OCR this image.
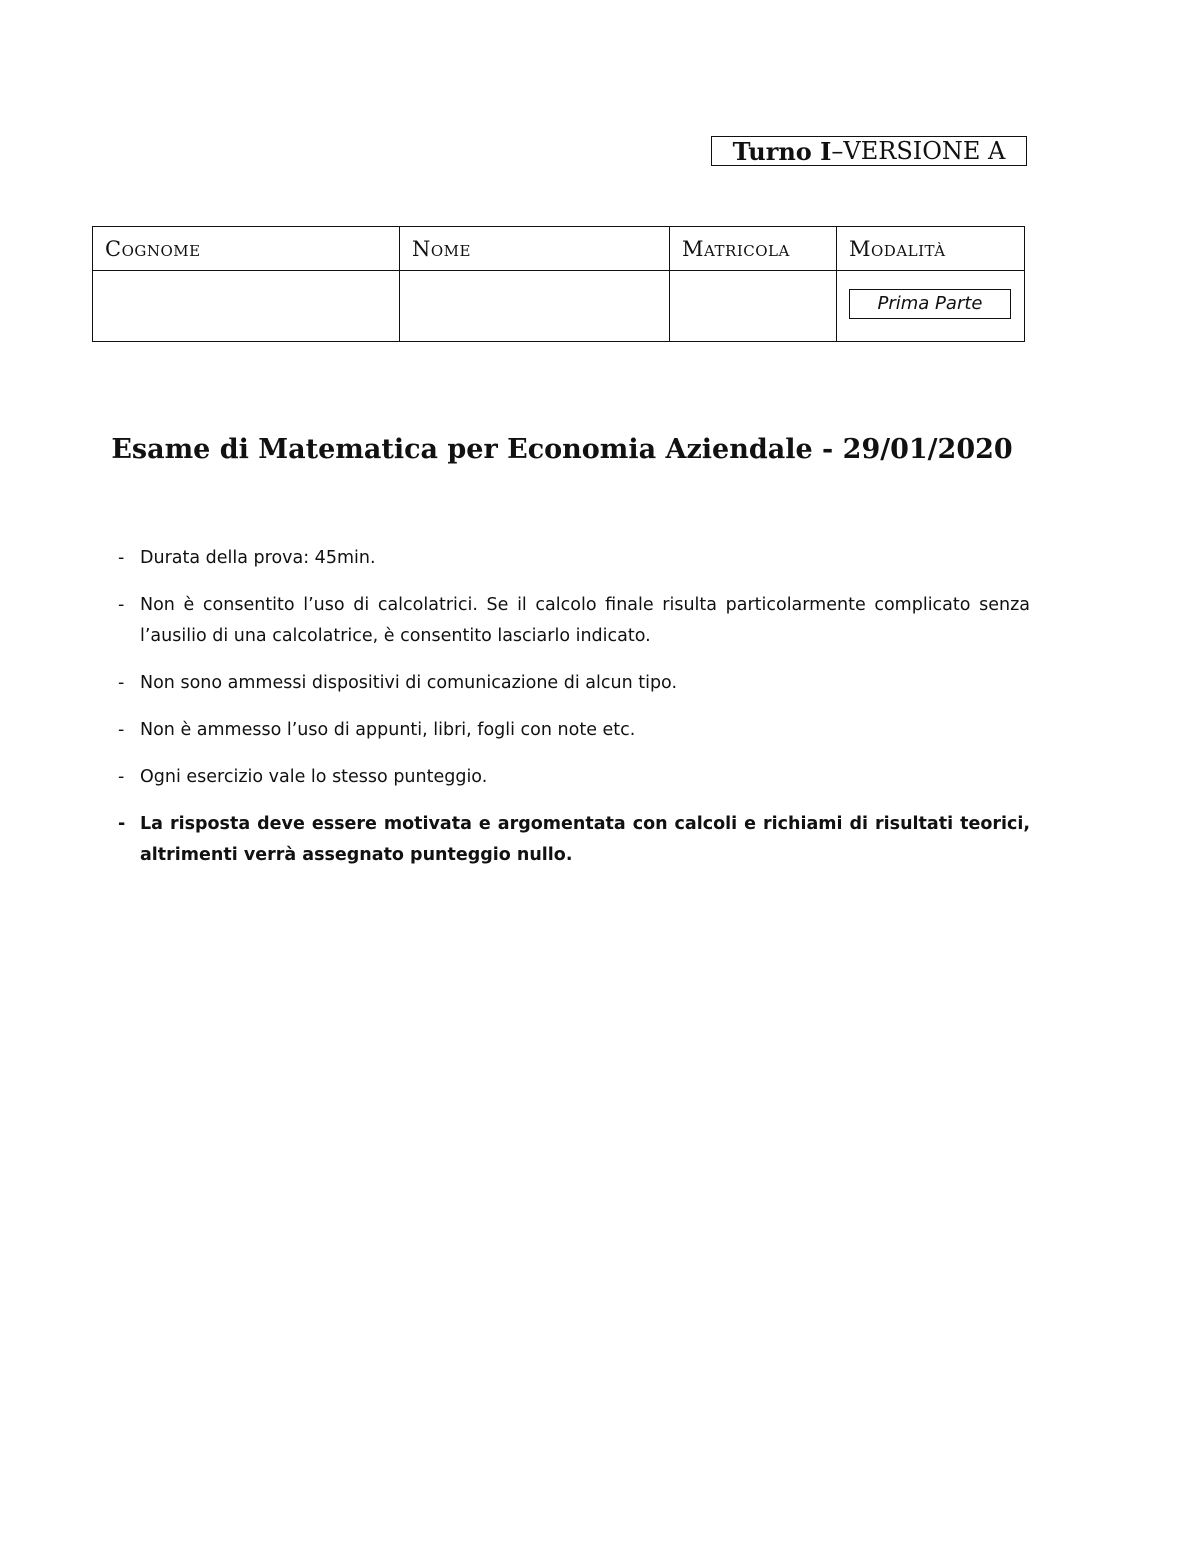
Turno I –VERSIONE A
Cognome	Nome	Matricola	Modalità
			Prima Parte
Esame di Matematica per Economia Aziendale - 29/01/2020
- Durata della prova: 45min.
- Non è consentito l’uso di calcolatrici. Se il calcolo finale risulta particolarmente complicato senza l’ausilio di una calcolatrice, è consentito lasciarlo indicato.
- Non sono ammessi dispositivi di comunicazione di alcun tipo.
- Non è ammesso l’uso di appunti, libri, fogli con note etc.
- Ogni esercizio vale lo stesso punteggio.
- La risposta deve essere motivata e argomentata con calcoli e richiami di risultati teorici, altrimenti verrà assegnato punteggio nullo.
